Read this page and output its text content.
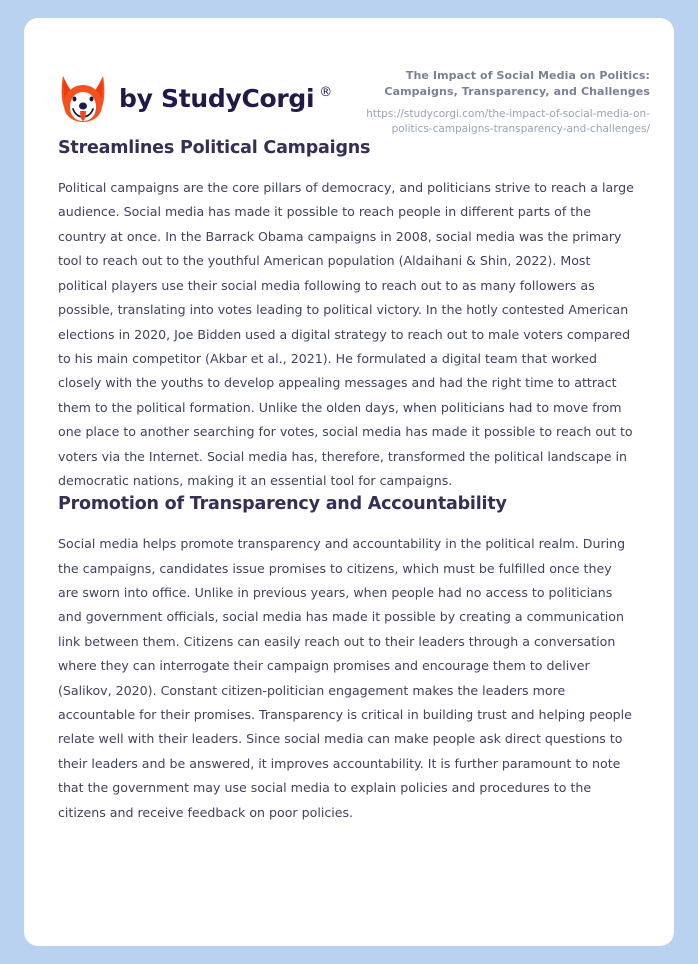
by StudyCorgi ®
The Impact of Social Media on Politics: Campaigns, Transparency, and Challenges
https://studycorgi.com/the-impact-of-social-media-on-politics-campaigns-transparency-and-challenges/
Streamlines Political Campaigns

Political campaigns are the core pillars of democracy, and politicians strive to reach a large audience. Social media has made it possible to reach people in different parts of the country at once. In the Barrack Obama campaigns in 2008, social media was the primary tool to reach out to the youthful American population (Aldaihani & Shin, 2022). Most political players use their social media following to reach out to as many followers as possible, translating into votes leading to political victory. In the hotly contested American elections in 2020, Joe Bidden used a digital strategy to reach out to male voters compared to his main competitor (Akbar et al., 2021). He formulated a digital team that worked closely with the youths to develop appealing messages and had the right time to attract them to the political formation. Unlike the olden days, when politicians had to move from one place to another searching for votes, social media has made it possible to reach out to voters via the Internet. Social media has, therefore, transformed the political landscape in democratic nations, making it an essential tool for campaigns.

Promotion of Transparency and Accountability

Social media helps promote transparency and accountability in the political realm. During the campaigns, candidates issue promises to citizens, which must be fulfilled once they are sworn into office. Unlike in previous years, when people had no access to politicians and government officials, social media has made it possible by creating a communication link between them. Citizens can easily reach out to their leaders through a conversation where they can interrogate their campaign promises and encourage them to deliver (Salikov, 2020). Constant citizen-politician engagement makes the leaders more accountable for their promises. Transparency is critical in building trust and helping people relate well with their leaders. Since social media can make people ask direct questions to their leaders and be answered, it improves accountability. It is further paramount to note that the government may use social media to explain policies and procedures to the citizens and receive feedback on poor policies.
